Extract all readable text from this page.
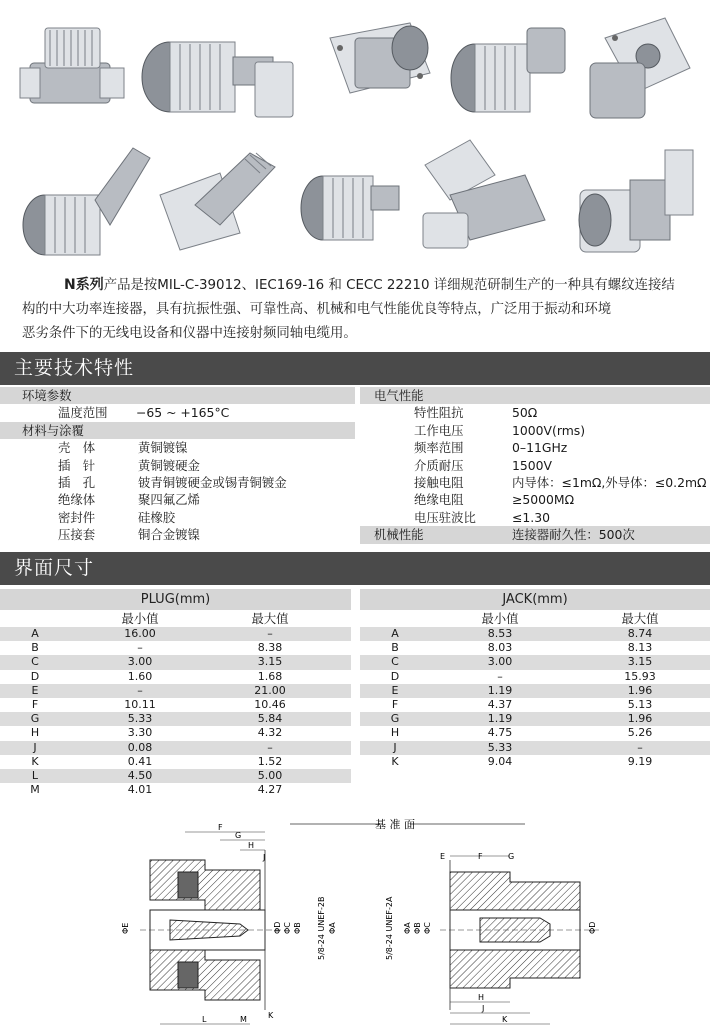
N系列产品是按MIL-C-39012、IEC169-16 和 CECC 22210 详细规范研制生产的一种具有螺纹连接结
构的中大功率连接器，具有抗振性强、可靠性高、机械和电气性能优良等特点，广泛用于振动和环境
恶劣条件下的无线电设备和仪器中连接射频同轴电缆用。
主要技术特性
环境参数
温度范围 −65 ~ +165°C
材料与涂覆
壳　体	黄铜镀镍
插　针	黄铜镀硬金
插　孔	铍青铜镀硬金或锡青铜镀金
绝缘体	聚四氟乙烯
密封件	硅橡胶
压接套	铜合金镀镍
电气性能
特性阻抗	50Ω
工作电压	1000V(rms)
频率范围	0–11GHz
介质耐压	1500V
接触电阻	内导体：≤1mΩ,外导体：≤0.2mΩ
绝缘电阻	≥5000MΩ
电压驻波比	≤1.30
机械性能	连接器耐久性：500次
界面尺寸
PLUG(mm)
最小值	最大值
A	16.00	–
B	–	8.38
C	3.00	3.15
D	1.60	1.68
E	–	21.00
F	10.11	10.46
G	5.33	5.84
H	3.30	4.32
J	0.08	–
K	0.41	1.52
L	4.50	5.00
M	4.01	4.27
JACK(mm)
最小值	最大值
A	8.53	8.74
B	8.03	8.13
C	3.00	3.15
D	–	15.93
E	1.19	1.96
F	4.37	5.13
G	1.19	1.96
H	4.75	5.26
J	5.33	–
K	9.04	9.19
基 准 面
ΦE	ΦD ΦC ΦB 5/8-24 UNEF-2B ΦA
F
G
H
J
K
L	M
5/8-24 UNEF-2A ΦA ΦB ΦC	ΦD
E	F	G
H
J
K
